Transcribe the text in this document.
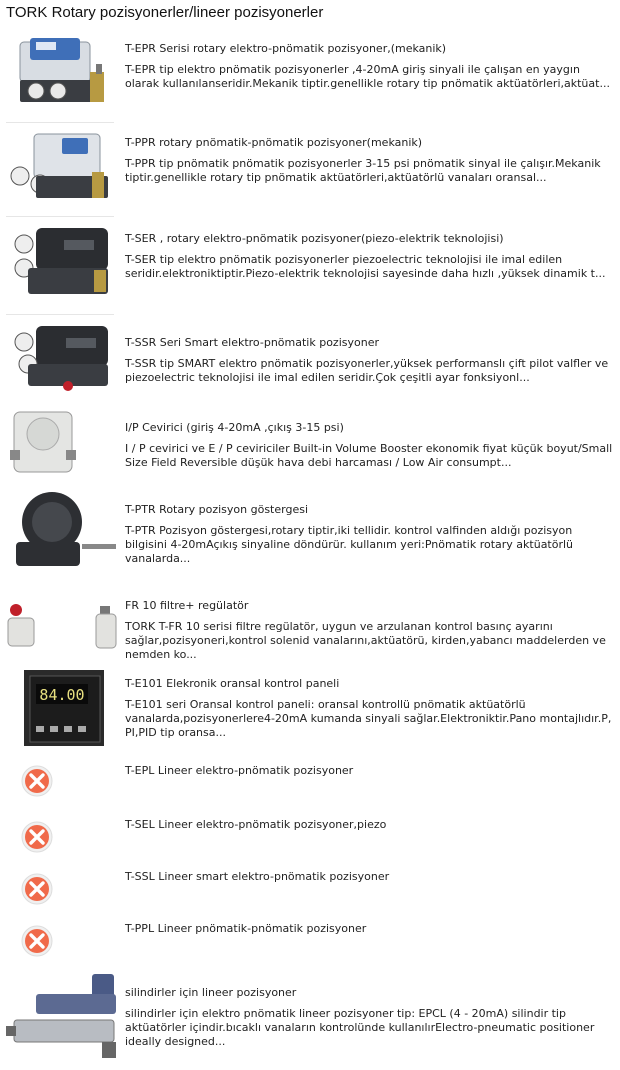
TORK Rotary pozisyonerler/lineer pozisyonerler
T-EPR Serisi rotary elektro-pnömatik pozisyoner,(mekanik)
T-EPR tip elektro pnömatik pozisyonerler ,4-20mA giriş sinyali ile çalışan en yaygın olarak kullanılanseridir.Mekanik tiptir.genellikle rotary tip pnömatik aktüatörleri,aktüat...
T-PPR rotary pnömatik-pnömatik pozisyoner(mekanik)
T-PPR tip pnömatik pnömatik pozisyonerler 3-15 psi pnömatik sinyal ile çalışır.Mekanik tiptir.genellikle rotary tip pnömatik aktüatörleri,aktüatörlü vanaları oransal...
T-SER , rotary elektro-pnömatik pozisyoner(piezo-elektrik teknolojisi)
T-SER tip elektro pnömatik pozisyonerler piezoelectric teknolojisi ile imal edilen seridir.elektroniktiptir.Piezo-elektrik teknolojisi sayesinde daha hızlı ,yüksek dinamik t...
T-SSR Seri Smart elektro-pnömatik pozisyoner
T-SSR tip SMART elektro pnömatik pozisyonerler,yüksek performanslı çift pilot valfler ve piezoelectric teknolojisi ile imal edilen seridir.Çok çeşitli ayar fonksiyonl...
I/P Cevirici (giriş 4-20mA ,çıkış 3-15 psi)
I / P cevirici ve E / P ceviriciler Built-in Volume Booster ekonomik fiyat küçük boyut/Small Size Field Reversible düşük hava debi harcaması / Low Air consumpt...
T-PTR Rotary pozisyon göstergesi
T-PTR Pozisyon göstergesi,rotary tiptir,iki tellidir. kontrol valfinden aldığı pozisyon bilgisini 4-20mAçıkış sinyaline döndürür. kullanım yeri:Pnömatik rotary aktüatörlü vanalarda...
FR 10 filtre+ regülatör
TORK T-FR 10 serisi filtre regülatör, uygun ve arzulanan kontrol basınç ayarını sağlar,pozisyoneri,kontrol solenid vanalarını,aktüatörü, kirden,yabancı maddelerden ve nemden ko...
84.00
T-E101 Elekronik oransal kontrol paneli
T-E101 seri Oransal kontrol paneli: oransal kontrollü pnömatik aktüatörlü vanalarda,pozisyonerlere4-20mA kumanda sinyali sağlar.Elektroniktir.Pano montajlıdır.P, PI,PID tip oransa...
T-EPL Lineer elektro-pnömatik pozisyoner
T-SEL Lineer elektro-pnömatik pozisyoner,piezo
T-SSL Lineer smart elektro-pnömatik pozisyoner
T-PPL Lineer pnömatik-pnömatik pozisyoner
silindirler için lineer pozisyoner
silindirler için elektro pnömatik lineer pozisyoner tip: EPCL (4 - 20mA) silindir tip aktüatörler içindir.bıcaklı vanaların kontrolünde kullanılırElectro-pneumatic positioner ideally designed...
